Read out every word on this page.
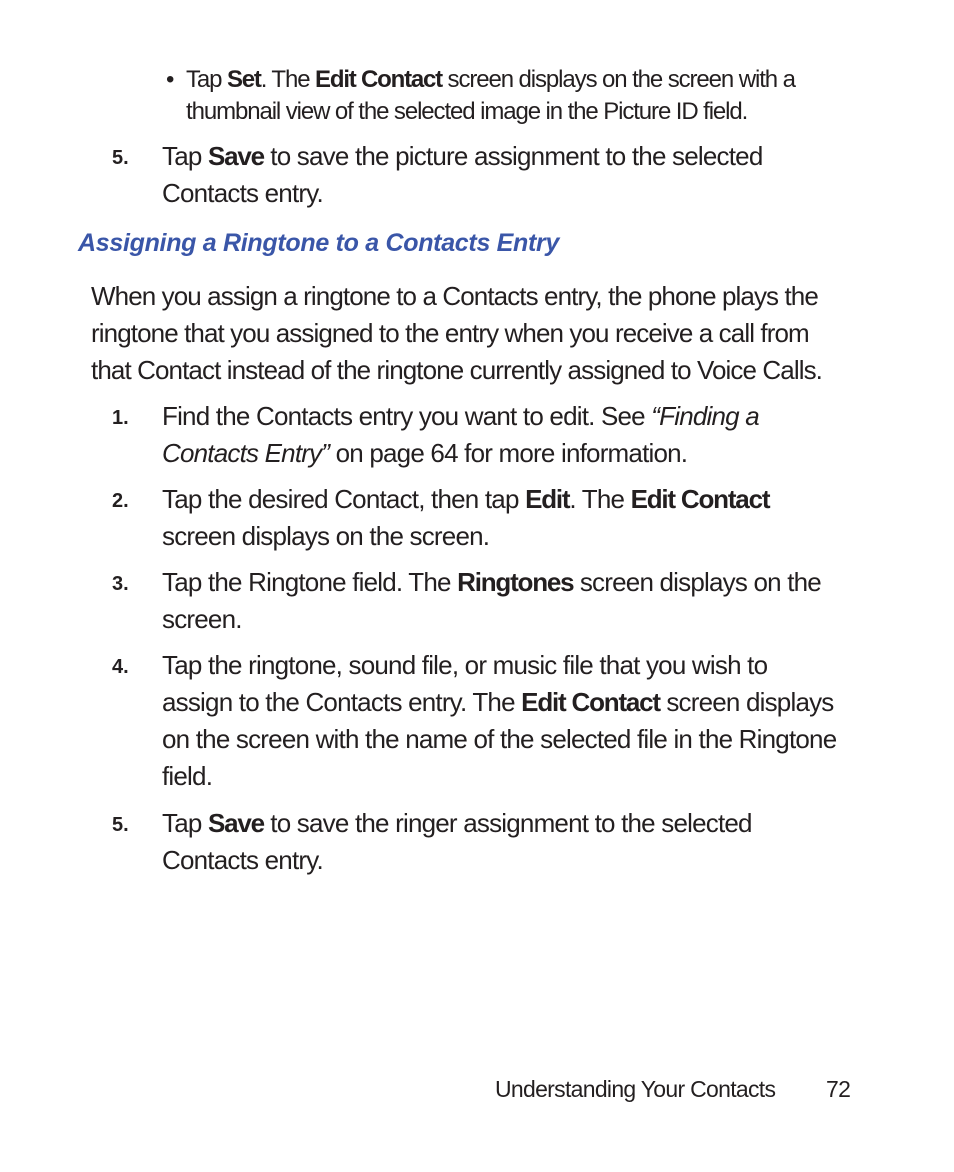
• Tap Set. The Edit Contact screen displays on the screen with a
thumbnail view of the selected image in the Picture ID field.
5. Tap Save to save the picture assignment to the selected
Contacts entry.
Assigning a Ringtone to a Contacts Entry
When you assign a ringtone to a Contacts entry, the phone plays the
ringtone that you assigned to the entry when you receive a call from
that Contact instead of the ringtone currently assigned to Voice Calls.
1. Find the Contacts entry you want to edit. See “Finding a
Contacts Entry” on page 64 for more information.
2. Tap the desired Contact, then tap Edit. The Edit Contact
screen displays on the screen.
3. Tap the Ringtone field. The Ringtones screen displays on the
screen.
4. Tap the ringtone, sound file, or music file that you wish to
assign to the Contacts entry. The Edit Contact screen displays
on the screen with the name of the selected file in the Ringtone
field.
5. Tap Save to save the ringer assignment to the selected
Contacts entry.
Understanding Your Contacts 72
